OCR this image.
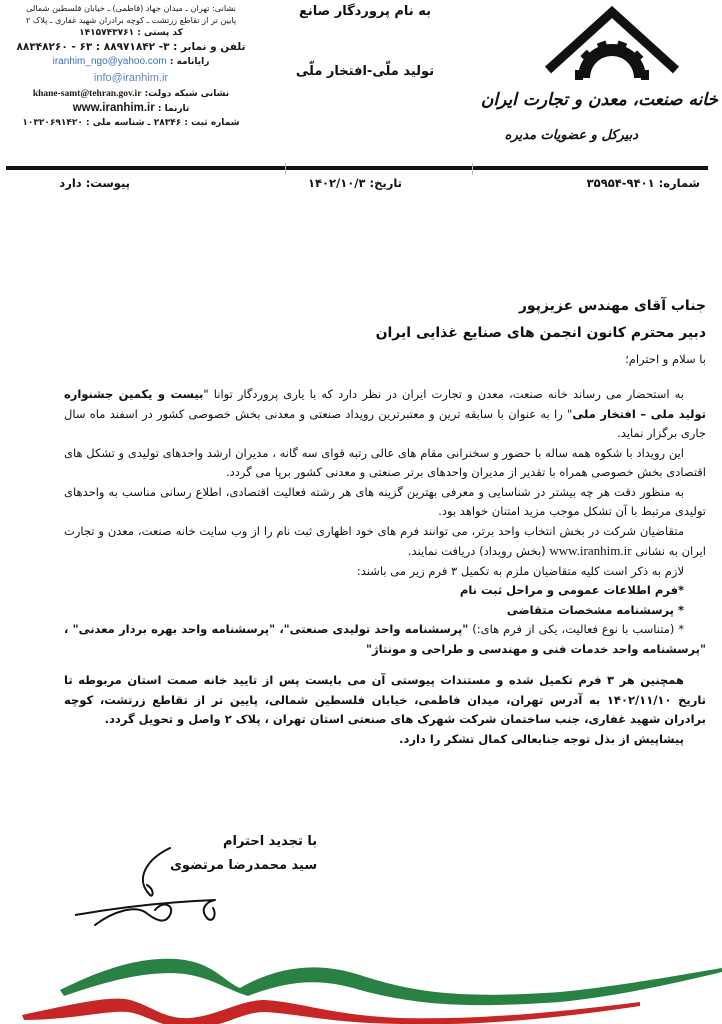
نشانی: تهران ـ میدان جهاد (فاطمی) ـ خیابان فلسطین شمالی
پایین تر از تقاطع زرتشت ـ کوچه برادران شهید غفاری ـ پلاک ۲
کد پستی : ۱۴۱۵۷۴۳۷۶۱
تلفن و نمابر : ۳- ۸۸۹۷۱۸۴۲ : ۶۳ - ۸۸۳۴۸۲۶۰
رایانامه : iranhim_ngo@yahoo.com
info@iranhim.ir
نشانی شبکه دولت: khane-samt@tehran.gov.ir
تارنما : www.iranhim.ir
شماره ثبت : ۲۸۳۴۶ ـ شناسه ملی : ۱۰۳۲۰۶۹۱۴۲۰
به نام پروردگار صانع
تولید ملّی-افتخار ملّی
خانه صنعت، معدن و تجارت ایران
دبیرکل و عضویات مدیره
شماره: ۹۴۰۱-۳۵۹۵۴
تاریخ: ۱۴۰۲/۱۰/۳
پیوست: دارد
جناب آقای مهندس عزیزپور
دبیر محترم کانون انجمن های صنایع غذایی ایران
با سلام و احترام؛

به استحضار می رساند خانه صنعت، معدن و تجارت ایران در نظر دارد که با یاری پروردگار توانا "بیست و یکمین جشنواره تولید ملی – افتخار ملی" را به عنوان با سابقه ترین و معتبرترین رویداد صنعتی و معدنی بخش خصوصی کشور در اسفند ماه سال جاری برگزار نماید.

این رویداد با شکوه همه ساله با حضور و سخنرانی مقام های عالی رتبه قوای سه گانه ، مدیران ارشد واحدهای تولیدی و تشکل های اقتصادی بخش خصوصی همراه با تقدیر از مدیران واحدهای برتر صنعتی و معدنی کشور برپا می گردد.

به منظور دقت هر چه بیشتر در شناسایی و معرفی بهترین گزینه های هر رشته فعالیت اقتصادی، اطلاع رسانی مناسب به واحدهای تولیدی مرتبط با آن تشکل موجب مزید امتنان خواهد بود.

متقاضیان شرکت در بخش انتخاب واحد برتر، می توانند فرم های خود اظهاری ثبت نام را از وب سایت خانه صنعت، معدن و تجارت ایران به نشانی www.iranhim.ir (بخش رویداد) دریافت نمایند.

لازم به ذکر است کلیه متقاضیان ملزم به تکمیل ۳ فرم زیر می باشند:

*فرم اطلاعات عمومی و مراحل ثبت نام

* پرسشنامه مشخصات متقاضی

* (متناسب با نوع فعالیت، یکی از فرم های:) "پرسشنامه واحد تولیدی صنعتی"، "پرسشنامه واحد بهره بردار معدنی" ، "پرسشنامه واحد خدمات فنی و مهندسی و طراحی و مونتاژ"

همچنین هر ۳ فرم تکمیل شده و مستندات پیوستی آن می بایست پس از تایید خانه صمت استان مربوطه تا تاریخ ۱۴۰۲/۱۱/۱۰ به آدرس تهران، میدان فاطمی، خیابان فلسطین شمالی، پایین تر از تقاطع زرتشت، کوچه برادران شهید غفاری، جنب ساختمان شرکت شهرک های صنعتی استان تهران ، پلاک ۲ واصل و تحویل گردد.

پیشاپیش از بذل توجه جنابعالی کمال تشکر را دارد.

با تجدید احترام
سید محمدرضا مرتضوی
